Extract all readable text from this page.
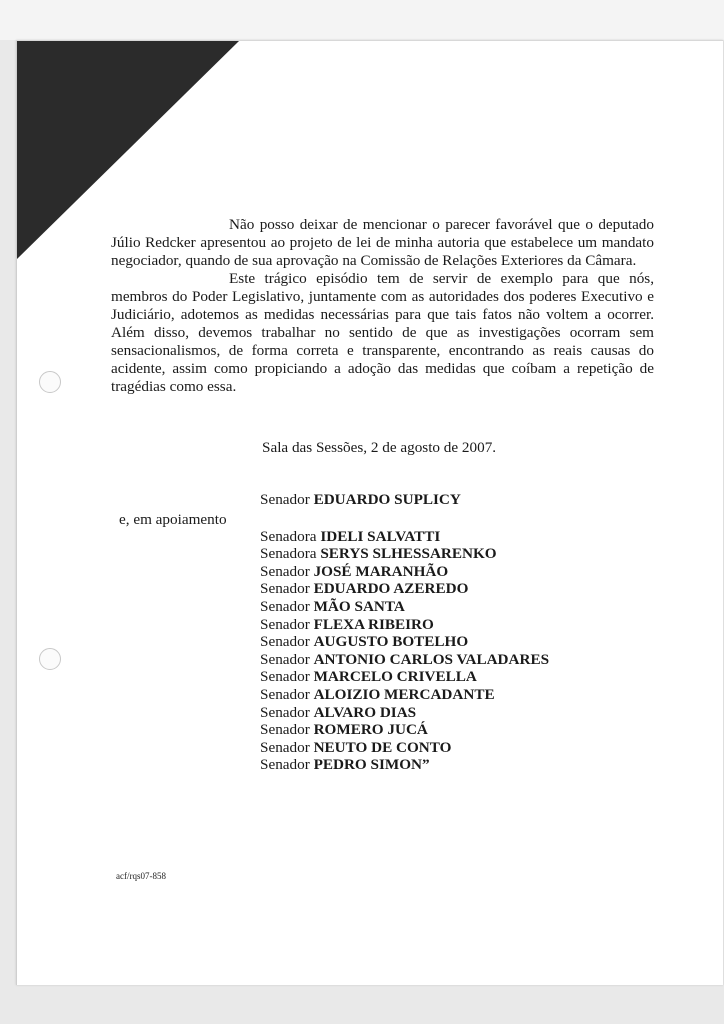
Não posso deixar de mencionar o parecer favorável que o deputado Júlio Redcker apresentou ao projeto de lei de minha autoria que estabelece um mandato negociador, quando de sua aprovação na Comissão de Relações Exteriores da Câmara.

Este trágico episódio tem de servir de exemplo para que nós, membros do Poder Legislativo, juntamente com as autoridades dos poderes Executivo e Judiciário, adotemos as medidas necessárias para que tais fatos não voltem a ocorrer. Além disso, devemos trabalhar no sentido de que as investigações ocorram sem sensacionalismos, de forma correta e transparente, encontrando as reais causas do acidente, assim como propiciando a adoção das medidas que coíbam a repetição de tragédias como essa.

Sala das Sessões, 2 de agosto de 2007.
e, em apoiamento
Senador EDUARDO SUPLICY
Senadora IDELI SALVATTI
Senadora SERYS SLHESSARENKO
Senador JOSÉ MARANHÃO
Senador EDUARDO AZEREDO
Senador MÃO SANTA
Senador FLEXA RIBEIRO
Senador AUGUSTO BOTELHO
Senador ANTONIO CARLOS VALADARES
Senador MARCELO CRIVELLA
Senador ALOIZIO MERCADANTE
Senador ALVARO DIAS
Senador ROMERO JUCÁ
Senador NEUTO DE CONTO
Senador PEDRO SIMON”
acf/rqs07-858
